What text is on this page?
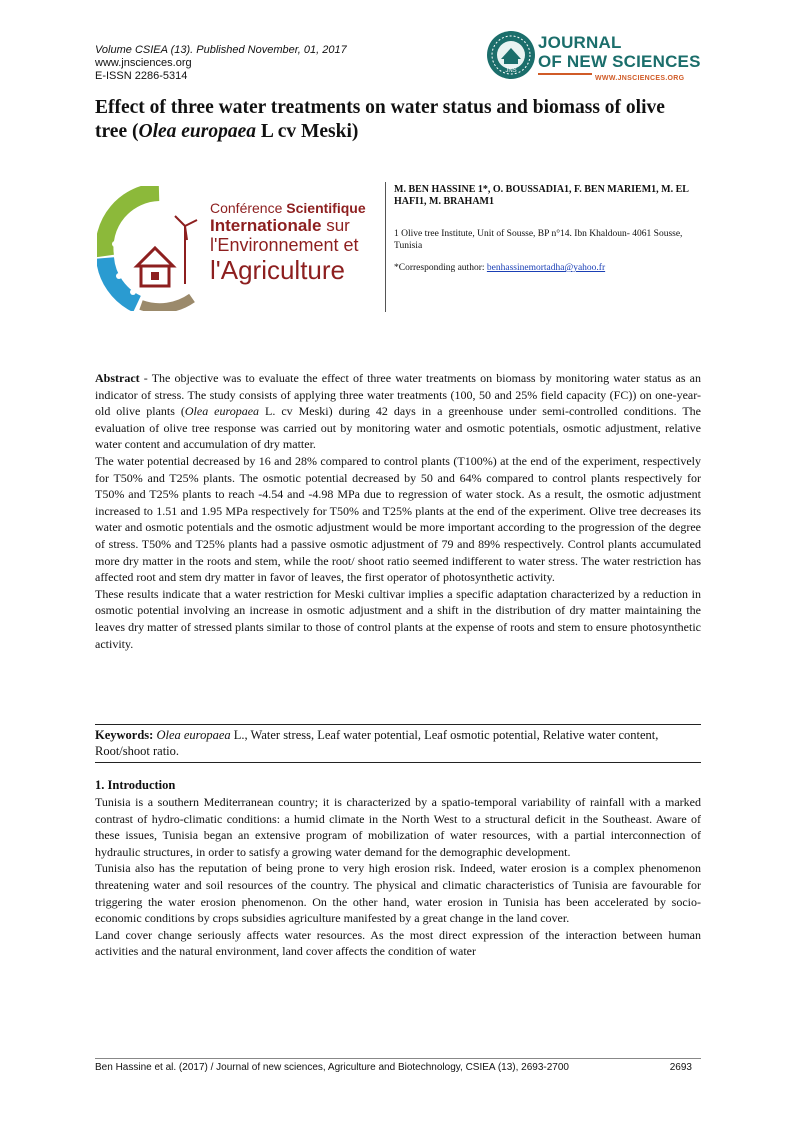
Volume CSIEA (13). Published November, 01, 2017
www.jnsciences.org
E-ISSN 2286-5314	JNS
JOURNAL
OF NEW SCIENCES
WWW.JNSCIENCES.ORG
Effect of three water treatments on water status and biomass of olive tree (Olea europaea L cv Meski)
Conférence Scientifique
Internationale sur
l'Environnement et
l'Agriculture
M. BEN HASSINE 1*, O. BOUSSADIA1, F. BEN MARIEM1, M. EL HAFI1, M. BRAHAM1
1 Olive tree Institute, Unit of Sousse, BP n°14. Ibn Khaldoun- 4061 Sousse, Tunisia
*Corresponding author: benhassinemortadha@yahoo.fr

Abstract - The objective was to evaluate the effect of three water treatments on biomass by monitoring water status as an indicator of stress. The study consists of applying three water treatments (100, 50 and 25% field capacity (FC)) on one-year-old olive plants (Olea europaea L. cv Meski) during 42 days in a greenhouse under semi-controlled conditions. The evaluation of olive tree response was carried out by monitoring water and osmotic potentials, osmotic adjustment, relative water content and accumulation of dry matter.

The water potential decreased by 16 and 28% compared to control plants (T100%) at the end of the experiment, respectively for T50% and T25% plants. The osmotic potential decreased by 50 and 64% compared to control plants respectively for T50% and T25% plants to reach -4.54 and -4.98 MPa due to regression of water stock. As a result, the osmotic adjustment increased to 1.51 and 1.95 MPa respectively for T50% and T25% plants at the end of the experiment. Olive tree decreases its water and osmotic potentials and the osmotic adjustment would be more important according to the progression of the degree of stress. T50% and T25% plants had a passive osmotic adjustment of 79 and 89% respectively. Control plants accumulated more dry matter in the roots and stem, while the root/ shoot ratio seemed indifferent to water stress. The water restriction has affected root and stem dry matter in favor of leaves, the first operator of photosynthetic activity.

These results indicate that a water restriction for Meski cultivar implies a specific adaptation characterized by a reduction in osmotic potential involving an increase in osmotic adjustment and a shift in the distribution of dry matter maintaining the leaves dry matter of stressed plants similar to those of control plants at the expense of roots and stem to ensure photosynthetic activity.

Keywords: Olea europaea L., Water stress, Leaf water potential, Leaf osmotic potential, Relative water content, Root/shoot ratio.
1. Introduction

Tunisia is a southern Mediterranean country; it is characterized by a spatio-temporal variability of rainfall with a marked contrast of hydro-climatic conditions: a humid climate in the North West to a structural deficit in the Southeast. Aware of these issues, Tunisia began an extensive program of mobilization of water resources, with a partial interconnection of hydraulic structures, in order to satisfy a growing water demand for the demographic development.

Tunisia also has the reputation of being prone to very high erosion risk. Indeed, water erosion is a complex phenomenon threatening water and soil resources of the country. The physical and climatic characteristics of Tunisia are favourable for triggering the water erosion phenomenon. On the other hand, water erosion in Tunisia has been accelerated by socio-economic conditions by crops subsidies agriculture manifested by a great change in the land cover.

Land cover change seriously affects water resources. As the most direct expression of the interaction between human activities and the natural environment, land cover affects the condition of water

Ben Hassine et al. (2017) / Journal of new sciences, Agriculture and Biotechnology, CSIEA (13), 2693-2700	2693
